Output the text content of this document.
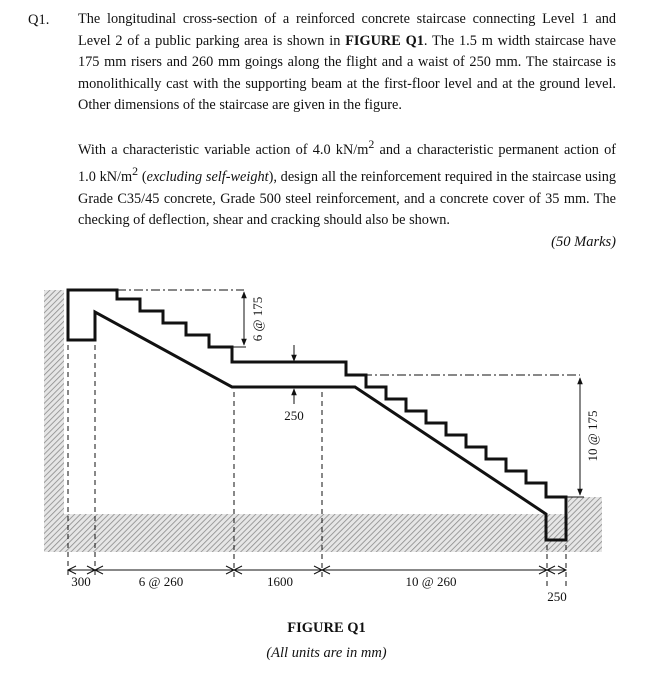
Q1. The longitudinal cross-section of a reinforced concrete staircase connecting Level 1 and Level 2 of a public parking area is shown in FIGURE Q1. The 1.5 m width staircase have 175 mm risers and 260 mm goings along the flight and a waist of 250 mm. The staircase is monolithically cast with the supporting beam at the first-floor level and at the ground level. Other dimensions of the staircase are given in the figure.

With a characteristic variable action of 4.0 $kN/m^2$ and a characteristic permanent action of 1.0 $kN/m^2$ (excluding self-weight), design all the reinforcement required in the staircase using Grade C35/45 concrete, Grade 500 steel reinforcement, and a concrete cover of 35 mm. The checking of deflection, shear and cracking should also be shown.

(50 Marks)
6 @ 175
250	10 @ 175
300	6 @ 260	1600	10 @ 260
250
FIGURE Q1
(All units are in mm)
